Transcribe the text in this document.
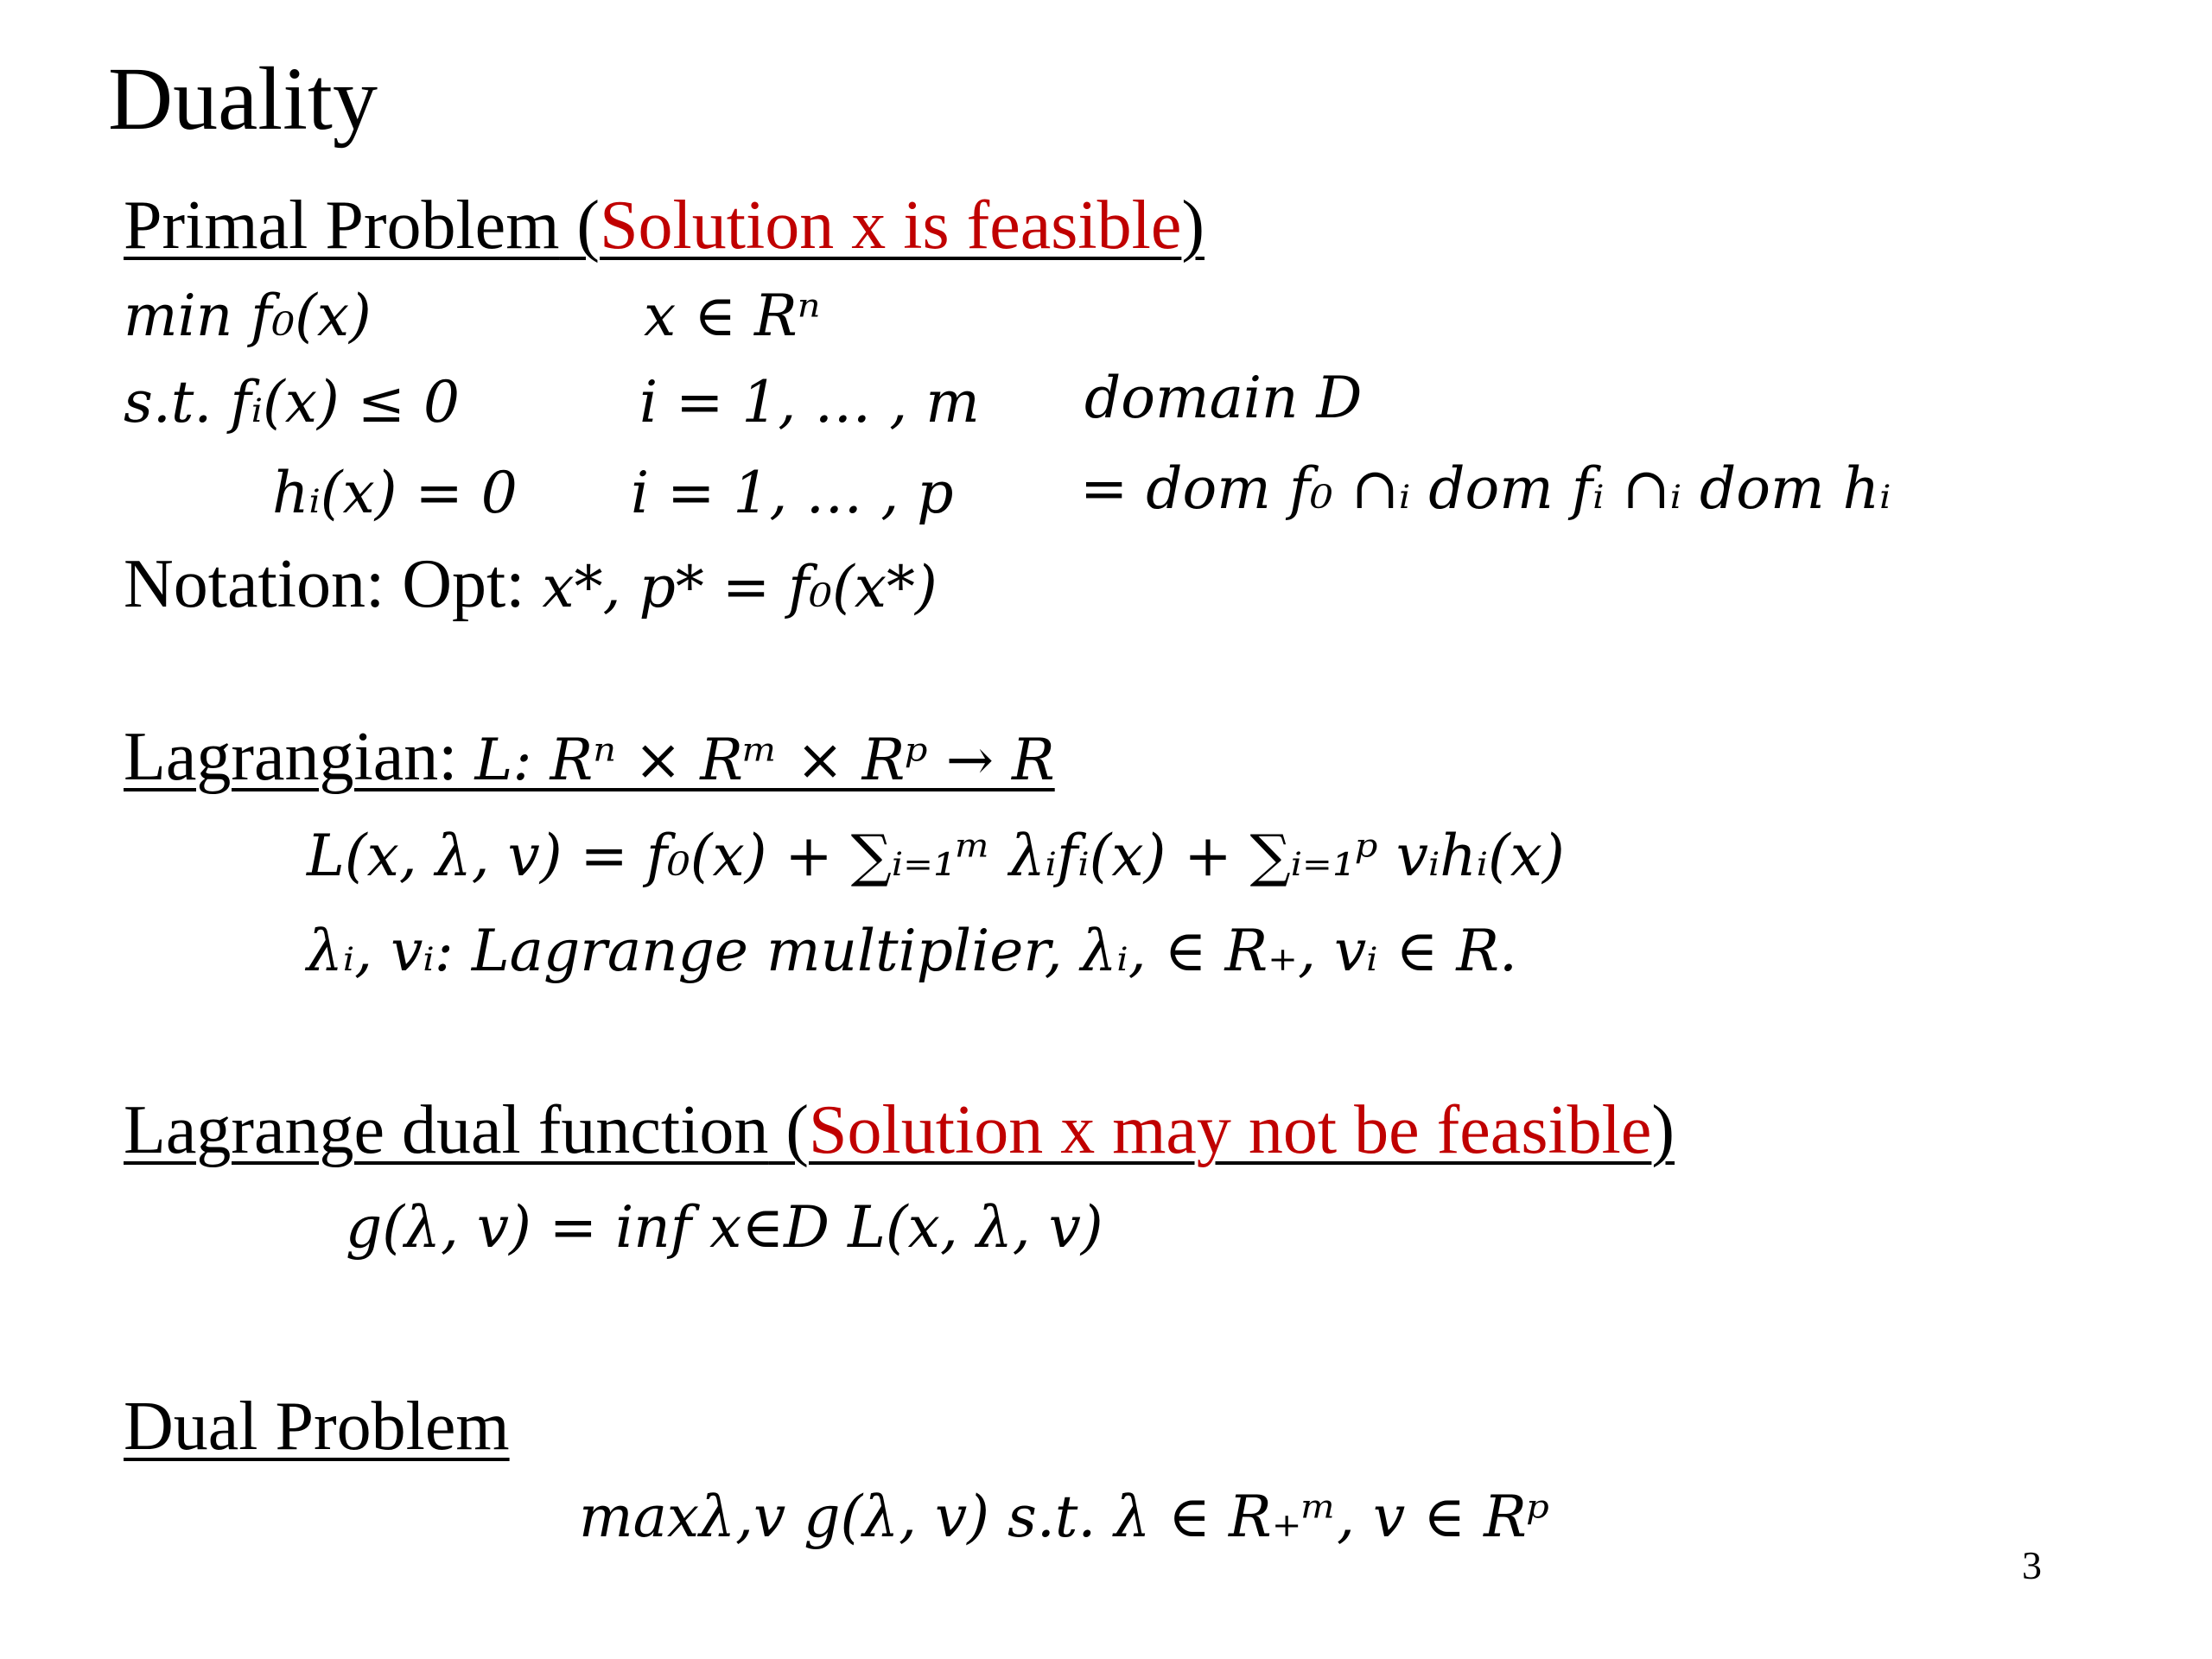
Duality
Primal Problem (Solution x is feasible)
min f₀(x)	x ∈ Rⁿ
s.t. fᵢ(x) ≤ 0	i = 1, … , m domain D
hᵢ(x) = 0 i = 1, … , p = dom f₀ ∩ᵢ dom fᵢ ∩ᵢ dom hᵢ
Notation: Opt: x*, p* = f₀(x*)
Lagrangian: L: Rⁿ × Rᵐ × Rᵖ → R
L(x, λ, v) = f₀(x) + ∑ᵢ₌₁ᵐ λᵢfᵢ(x) + ∑ᵢ₌₁ᵖ vᵢhᵢ(x)
λᵢ, vᵢ: Lagrange multiplier, λᵢ, ∈ R₊, vᵢ ∈ R.
Lagrange dual function (Solution x may not be feasible)
g(λ, v) = inf x∈D L(x, λ, v)
Dual Problem
maxλ,v g(λ, v) s.t. λ ∈ R₊ᵐ, v ∈ Rᵖ
3
